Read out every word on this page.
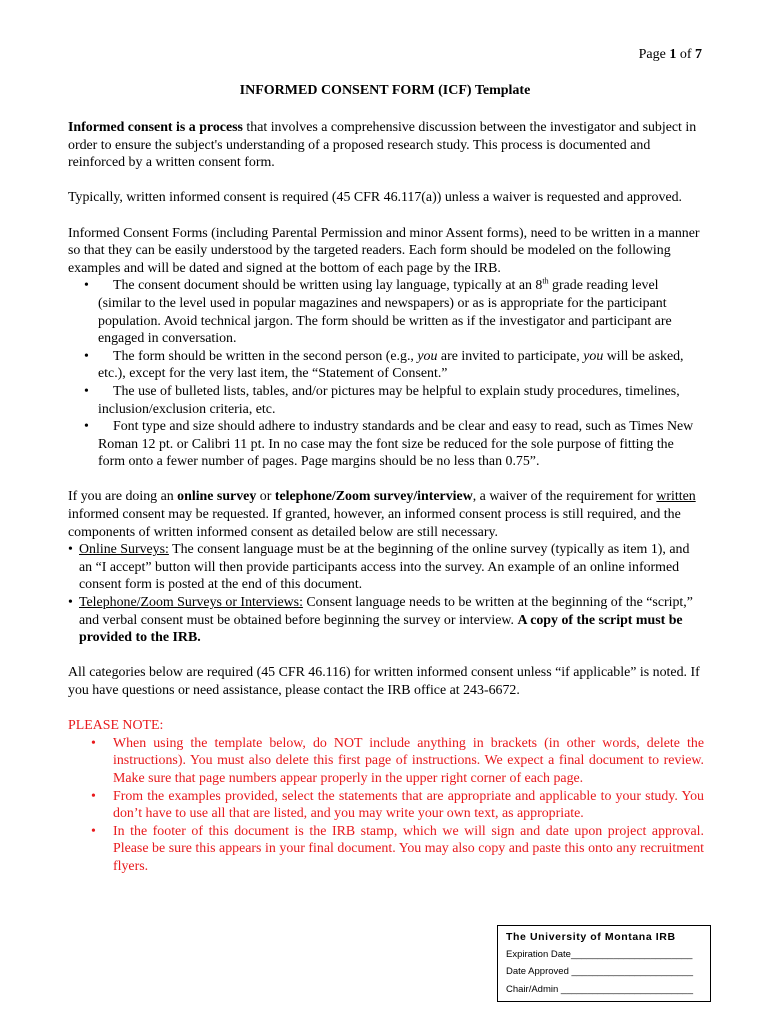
Page 1 of 7
INFORMED CONSENT FORM (ICF) Template

Informed consent is a process that involves a comprehensive discussion between the investigator and subject in order to ensure the subject's understanding of a proposed research study. This process is documented and reinforced by a written consent form.

Typically, written informed consent is required (45 CFR 46.117(a)) unless a waiver is requested and approved.

Informed Consent Forms (including Parental Permission and minor Assent forms), need to be written in a manner so that they can be easily understood by the targeted readers. Each form should be modeled on the following examples and will be dated and signed at the bottom of each page by the IRB.

• The consent document should be written using lay language, typically at an 8th grade reading level (similar to the level used in popular magazines and newspapers) or as is appropriate for the participant population. Avoid technical jargon. The form should be written as if the investigator and participant are engaged in conversation.
• The form should be written in the second person (e.g., you are invited to participate, you will be asked, etc.), except for the very last item, the “Statement of Consent.”
• The use of bulleted lists, tables, and/or pictures may be helpful to explain study procedures, timelines, inclusion/exclusion criteria, etc.
• Font type and size should adhere to industry standards and be clear and easy to read, such as Times New Roman 12 pt. or Calibri 11 pt. In no case may the font size be reduced for the sole purpose of fitting the form onto a fewer number of pages. Page margins should be no less than 0.75”.

If you are doing an online survey or telephone/Zoom survey/interview, a waiver of the requirement for written informed consent may be requested. If granted, however, an informed consent process is still required, and the components of written informed consent as detailed below are still necessary.

• Online Surveys: The consent language must be at the beginning of the online survey (typically as item 1), and an “I accept” button will then provide participants access into the survey. An example of an online informed consent form is posted at the end of this document.
• Telephone/Zoom Surveys or Interviews: Consent language needs to be written at the beginning of the “script,” and verbal consent must be obtained before beginning the survey or interview. A copy of the script must be provided to the IRB.

All categories below are required (45 CFR 46.116) for written informed consent unless “if applicable” is noted. If you have questions or need assistance, please contact the IRB office at 243-6672.

PLEASE NOTE:
• When using the template below, do NOT include anything in brackets (in other words, delete the instructions). You must also delete this first page of instructions. We expect a final document to review. Make sure that page numbers appear properly in the upper right corner of each page.
• From the examples provided, select the statements that are appropriate and applicable to your study. You don’t have to use all that are listed, and you may write your own text, as appropriate.
• In the footer of this document is the IRB stamp, which we will sign and date upon project approval. Please be sure this appears in your final document. You may also copy and paste this onto any recruitment flyers.
The University of Montana IRB
Expiration Date_______________________
Date Approved _______________________
Chair/Admin _________________________
